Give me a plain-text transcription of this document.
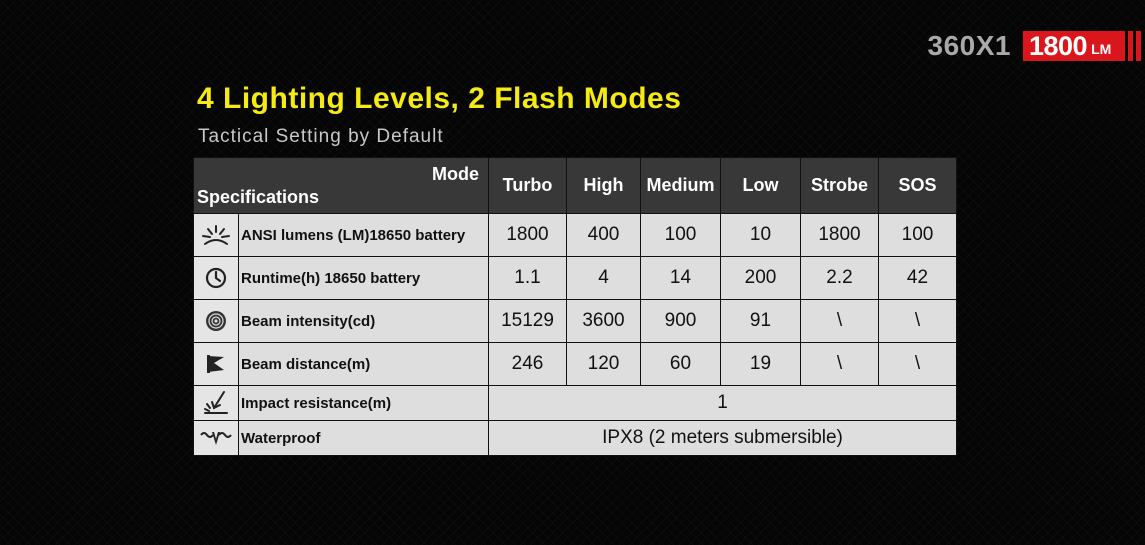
360X1 1800 LM
4 Lighting Levels, 2 Flash Modes

Tactical Setting by Default

Mode
Specifications		Turbo	High	Medium	Low	Strobe	SOS

	ANSI lumens (LM)18650 battery	1800	400	100	10	1800	100

	Runtime(h) 18650 battery	1.1	4	14	200	2.2	42

	Beam intensity(cd)	15129	3600	900	91	\	\

	Beam distance(m)	246	120	60	19	\	\

	Impact resistance(m)	1					

	Waterproof	IPX8 (2 meters submersible)					
